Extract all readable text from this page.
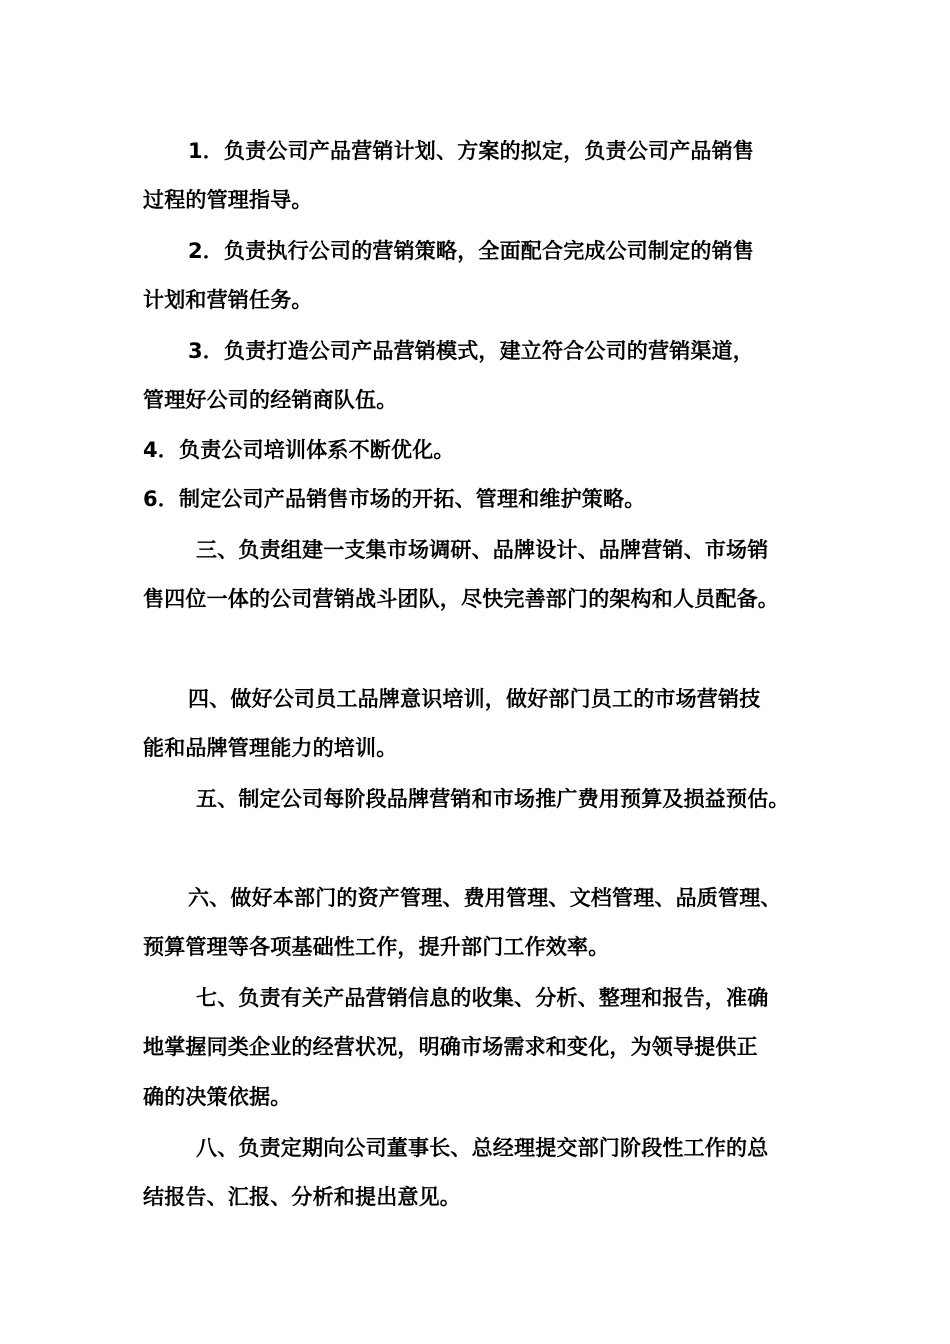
1．负责公司产品营销计划、方案的拟定，负责公司产品销售
过程的管理指导。
2．负责执行公司的营销策略，全面配合完成公司制定的销售
计划和营销任务。
3．负责打造公司产品营销模式，建立符合公司的营销渠道，
管理好公司的经销商队伍。
4．负责公司培训体系不断优化。
6．制定公司产品销售市场的开拓、管理和维护策略。
三、负责组建一支集市场调研、品牌设计、品牌营销、市场销
售四位一体的公司营销战斗团队，尽快完善部门的架构和人员配备。
四、做好公司员工品牌意识培训，做好部门员工的市场营销技
能和品牌管理能力的培训。
五、制定公司每阶段品牌营销和市场推广费用预算及损益预估。
六、做好本部门的资产管理、费用管理、文档管理、品质管理、
预算管理等各项基础性工作，提升部门工作效率。
七、负责有关产品营销信息的收集、分析、整理和报告，准确
地掌握同类企业的经营状况，明确市场需求和变化，为领导提供正
确的决策依据。
八、负责定期向公司董事长、总经理提交部门阶段性工作的总
结报告、汇报、分析和提出意见。
